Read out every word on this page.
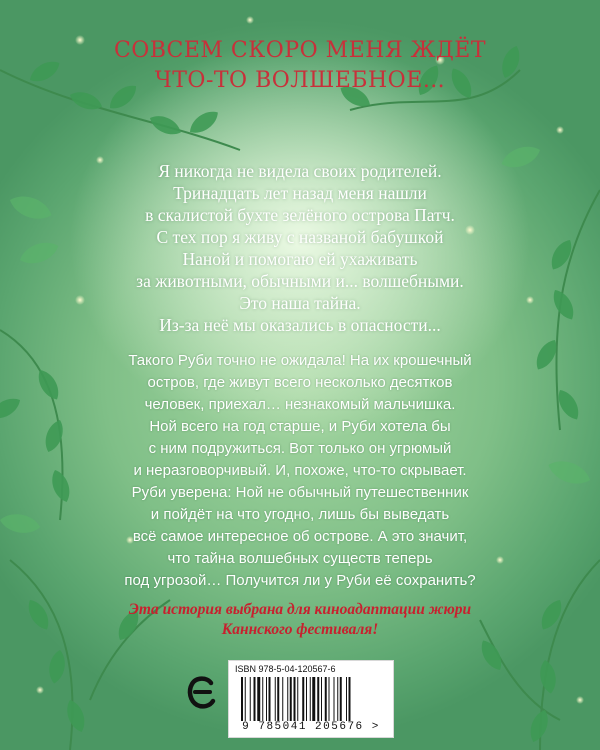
СОВСЕМ СКОРО МЕНЯ ЖДЁТ
ЧТО-ТО ВОЛШЕБНОЕ…
Я никогда не видела своих родителей.
Тринадцать лет назад меня нашли
в скалистой бухте зелёного острова Патч.
С тех пор я живу с названой бабушкой
Наной и помогаю ей ухаживать
за животными, обычными и... волшебными.
Это наша тайна.
Из-за неё мы оказались в опасности...
Такого Руби точно не ожидала! На их крошечный
остров, где живут всего несколько десятков
человек, приехал… незнакомый мальчишка.
Ной всего на год старше, и Руби хотела бы
с ним подружиться. Вот только он угрюмый
и неразговорчивый. И, похоже, что-то скрывает.
Руби уверена: Ной не обычный путешественник
и пойдёт на что угодно, лишь бы выведать
всё самое интересное об острове. А это значит,
что тайна волшебных существ теперь
под угрозой… Получится ли у Руби её сохранить?
Эта история выбрана для киноадаптации жюри
Каннского фестиваля!
ISBN 978-5-04-120567-6
9 785041 205676 >
